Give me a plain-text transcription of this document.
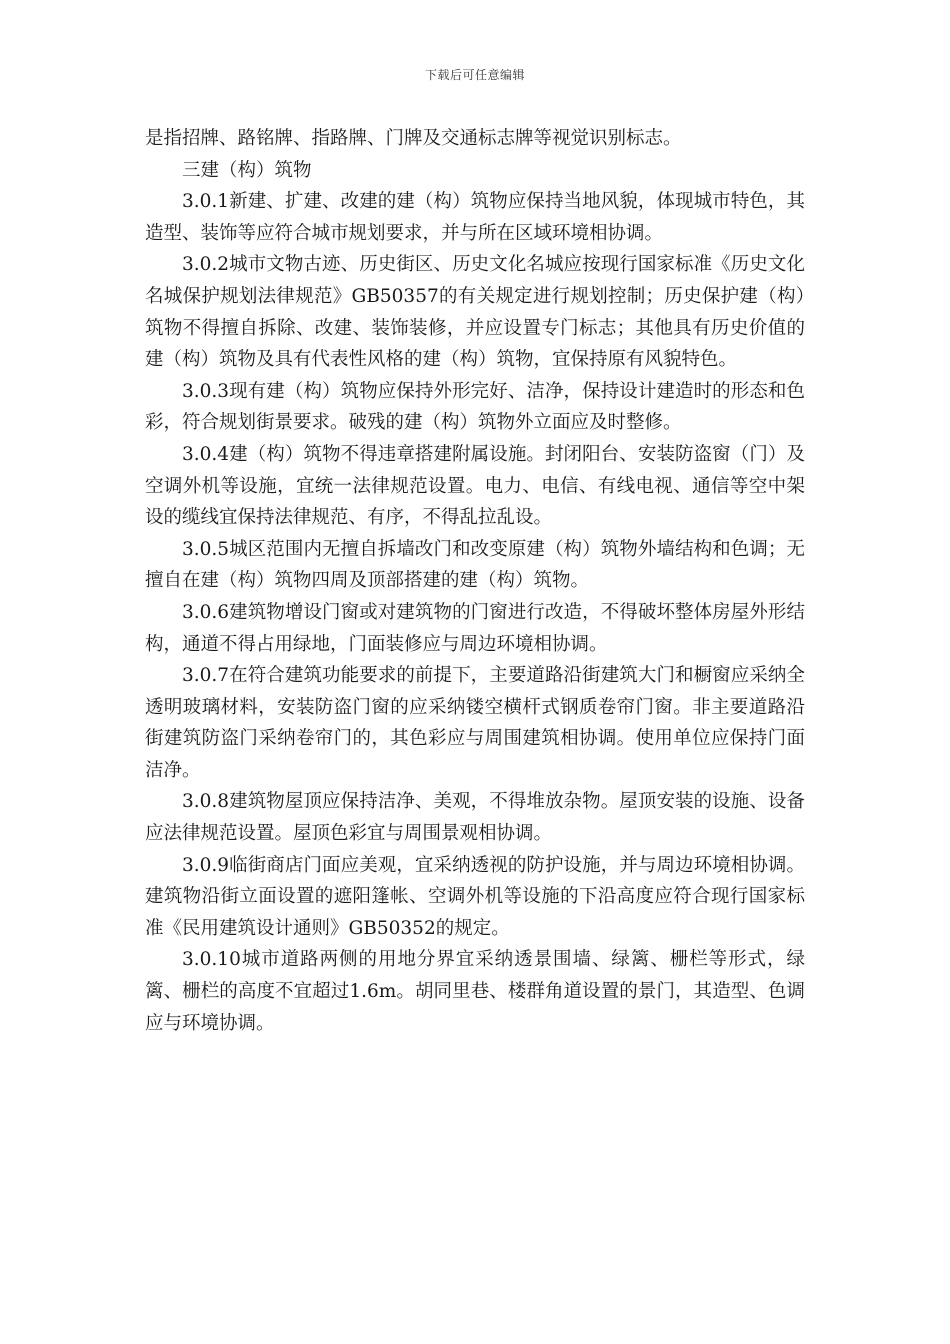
下载后可任意编辑

是指招牌、路铭牌、指路牌、门牌及交通标志牌等视觉识别标志。

三建（构）筑物

3.0.1新建、扩建、改建的建（构）筑物应保持当地风貌，体现城市特色，其造型、装饰等应符合城市规划要求，并与所在区域环境相协调。

3.0.2城市文物古迹、历史街区、历史文化名城应按现行国家标准《历史文化名城保护规划法律规范》GB50357的有关规定进行规划控制；历史保护建（构）筑物不得擅自拆除、改建、装饰装修，并应设置专门标志；其他具有历史价值的建（构）筑物及具有代表性风格的建（构）筑物，宜保持原有风貌特色。

3.0.3现有建（构）筑物应保持外形完好、洁净，保持设计建造时的形态和色彩，符合规划街景要求。破残的建（构）筑物外立面应及时整修。

3.0.4建（构）筑物不得违章搭建附属设施。封闭阳台、安装防盗窗（门）及空调外机等设施，宜统一法律规范设置。电力、电信、有线电视、通信等空中架设的缆线宜保持法律规范、有序，不得乱拉乱设。

3.0.5城区范围内无擅自拆墙改门和改变原建（构）筑物外墙结构和色调；无擅自在建（构）筑物四周及顶部搭建的建（构）筑物。

3.0.6建筑物增设门窗或对建筑物的门窗进行改造，不得破坏整体房屋外形结构，通道不得占用绿地，门面装修应与周边环境相协调。

3.0.7在符合建筑功能要求的前提下，主要道路沿街建筑大门和橱窗应采纳全透明玻璃材料，安装防盗门窗的应采纳镂空横杆式钢质卷帘门窗。非主要道路沿街建筑防盗门采纳卷帘门的，其色彩应与周围建筑相协调。使用单位应保持门面洁净。

3.0.8建筑物屋顶应保持洁净、美观，不得堆放杂物。屋顶安装的设施、设备应法律规范设置。屋顶色彩宜与周围景观相协调。

3.0.9临街商店门面应美观，宜采纳透视的防护设施，并与周边环境相协调。建筑物沿街立面设置的遮阳篷帐、空调外机等设施的下沿高度应符合现行国家标准《民用建筑设计通则》GB50352的规定。

3.0.10城市道路两侧的用地分界宜采纳透景围墙、绿篱、栅栏等形式，绿篱、栅栏的高度不宜超过1.6m。胡同里巷、楼群角道设置的景门，其造型、色调应与环境协调。
